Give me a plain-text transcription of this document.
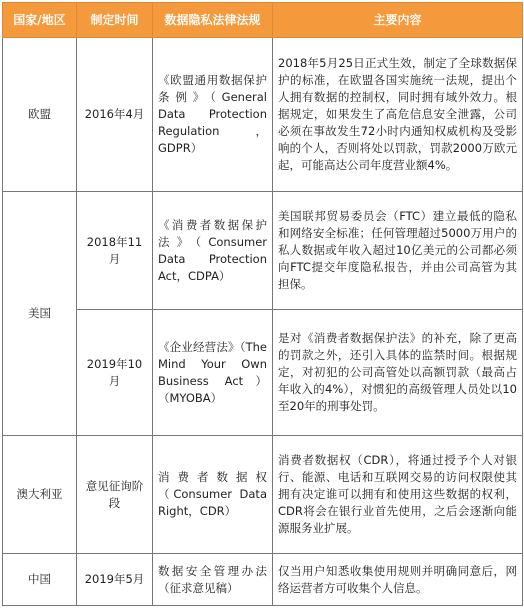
国家/地区	制定时间	数据隐私法律法规	主要内容
欧盟	2016年4月	《欧盟通用数据保护条例》（General Data Protection Regulation，GDPR）	2018年5月25日正式生效，制定了全球数据保护的标准，在欧盟各国实施统一法规，提出个人拥有数据的控制权，同时拥有域外效力。根据规定，如果发生了高危信息安全泄露，公司必须在事故发生72小时内通知权威机构及受影响的个人，否则将处以罚款，罚款2000万欧元起，可能高达公司年度营业额4%。
美国	2018年11月	《消费者数据保护法》（Consumer Data Protection Act，CDPA）	美国联邦贸易委员会（FTC）建立最低的隐私和网络安全标准；任何管理超过5000万用户的私人数据或年收入超过10亿美元的公司都必须向FTC提交年度隐私报告，并由公司高管为其担保。
	2019年10月	《企业经营法》（The Mind Your Own Business Act）（MYOBA）	是对《消费者数据保护法》的补充，除了更高的罚款之外，还引入具体的监禁时间。根据规定，对初犯的公司高管处以高额罚款（最高占年收入的4%），对惯犯的高级管理人员处以10至20年的刑事处罚。
澳大利亚	意见征询阶段	消费者数据权（Consumer Data Right，CDR）	消费者数据权（CDR），将通过授予个人对银行、能源、电话和互联网交易的访问权限使其拥有决定谁可以拥有和使用这些数据的权利，CDR将会在银行业首先使用，之后会逐渐向能源服务业扩展。
中国	2019年5月	数据安全管理办法（征求意见稿）	仅当用户知悉收集使用规则并明确同意后，网络运营者方可收集个人信息。
